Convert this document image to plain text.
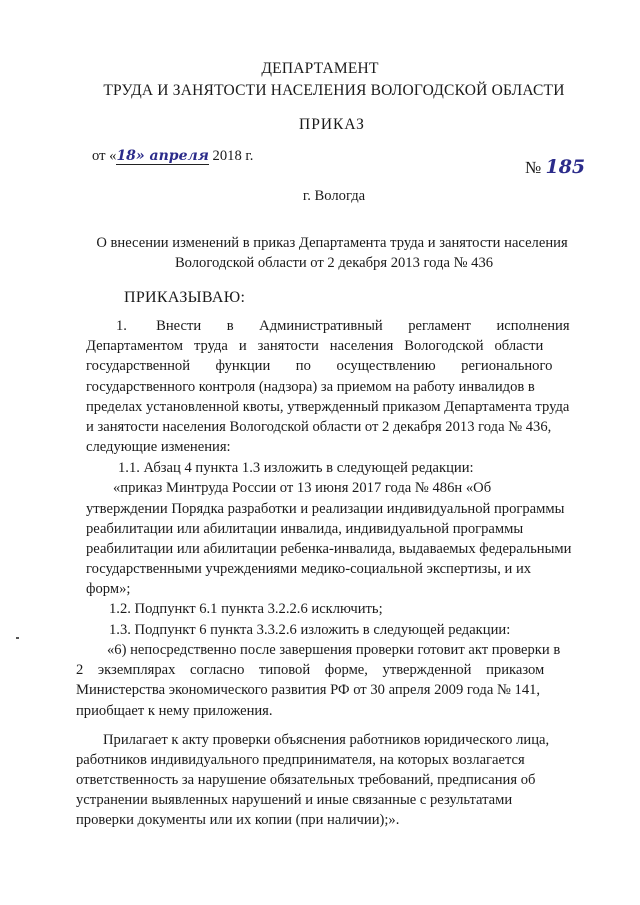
ДЕПАРТАМЕНТ
ТРУДА И ЗАНЯТОСТИ НАСЕЛЕНИЯ ВОЛОГОДСКОЙ ОБЛАСТИ
ПРИКАЗ
от «18» апреля 2018 г.
№ 185
г. Вологда
О внесении изменений в приказ Департамента труда и занятости населения
Вологодской области от 2 декабря 2013 года № 436
ПРИКАЗЫВАЮ:
1.        Внести       в       Административный       регламент       исполнения
Департаментом   труда   и   занятости   населения   Вологодской   области
государственной       функции       по       осуществлению       регионального
государственного контроля (надзора) за приемом на работу инвалидов в
пределах установленной квоты, утвержденный приказом Департамента труда
и занятости населения Вологодской области от 2 декабря 2013 года № 436,
следующие изменения:
1.1. Абзац 4 пункта 1.3 изложить в следующей редакции:
«приказ Минтруда России от 13 июня 2017 года № 486н «Об
утверждении Порядка разработки и реализации индивидуальной программы
реабилитации или абилитации инвалида, индивидуальной программы
реабилитации или абилитации ребенка-инвалида, выдаваемых федеральными
государственными учреждениями медико-социальной экспертизы, и их
форм»;
1.2. Подпункт 6.1 пункта 3.2.2.6 исключить;
1.3. Подпункт 6 пункта 3.3.2.6 изложить в следующей редакции:
«6) непосредственно после завершения проверки готовит акт проверки в
2    экземплярах    согласно    типовой    форме,    утвержденной    приказом
Министерства экономического развития РФ от 30 апреля 2009 года № 141,
приобщает к нему приложения.
Прилагает к акту проверки объяснения работников юридического лица,
работников индивидуального предпринимателя, на которых возлагается
ответственность за нарушение обязательных требований, предписания об
устранении выявленных нарушений и иные связанные с результатами
проверки документы или их копии (при наличии);».
